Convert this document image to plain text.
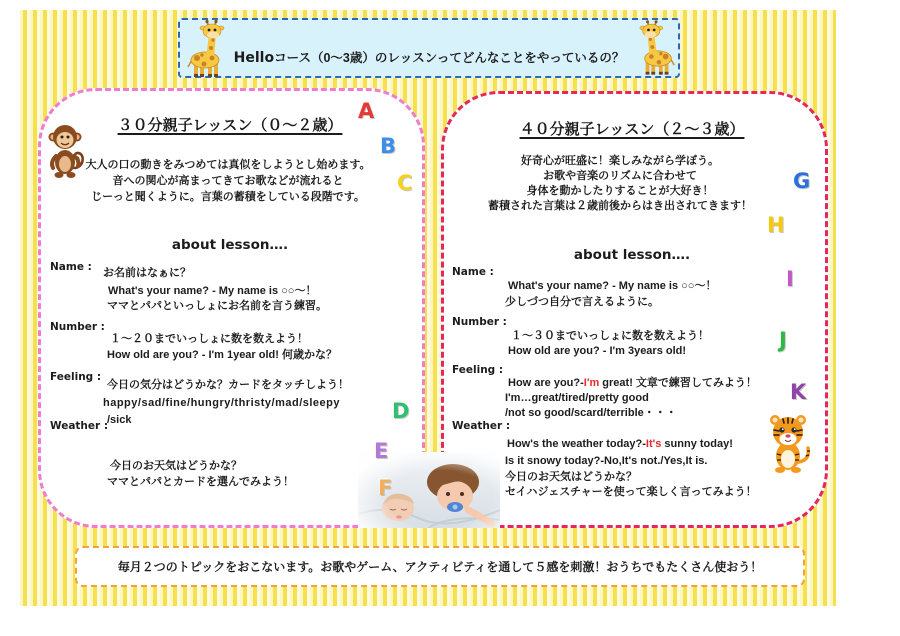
Helloコース（0～3歳）のレッスンってどんなことをやっているの？
３０分親子レッスン（０～２歳）
大人の口の動きをみつめては真似をしようとし始めます。
音への関心が高まってきてお歌などが流れると
じーっと聞くように。言葉の蓄積をしている段階です。
about lesson….
Name : お名前はなぁに？
What's your name? - My name is ○○～！
ママとパパといっしょにお名前を言う練習。
Number :
１～２０までいっしょに数を数えよう！
How old are you? - I'm 1year old! 何歳かな？
Feeling :
今日の気分はどうかな？カードをタッチしよう！
happy/sad/fine/hungry/thristy/mad/sleepy
/sick
Weather :
今日のお天気はどうかな？
ママとパパとカードを選んでみよう！
４０分親子レッスン（２～３歳）
好奇心が旺盛に！楽しみながら学ぼう。
お歌や音楽のリズムに合わせて
身体を動かしたりすることが大好き！
蓄積された言葉は２歳前後からはき出されてきます！
about lesson….
Name :
What's your name? - My name is ○○～！
少しづつ自分で言えるように。
Number :
１～３０までいっしょに数を数えよう！
How old are you? - I'm 3years old!
Feeling :
How are you?-I'm great! 文章で練習してみよう！
I'm…great/tired/pretty good
/not so good/scard/terrible・・・
Weather :
How's the weather today?-It's sunny today!
Is it snowy today?-No,It's not./Yes,It is.
今日のお天気はどうかな？
セイハジェスチャーを使って楽しく言ってみよう！
A
B
C
D
E
F
G
H
I
J
K
毎月２つのトピックをおこないます。お歌やゲーム、アクティビティを通して５感を刺激！おうちでもたくさん使おう！
